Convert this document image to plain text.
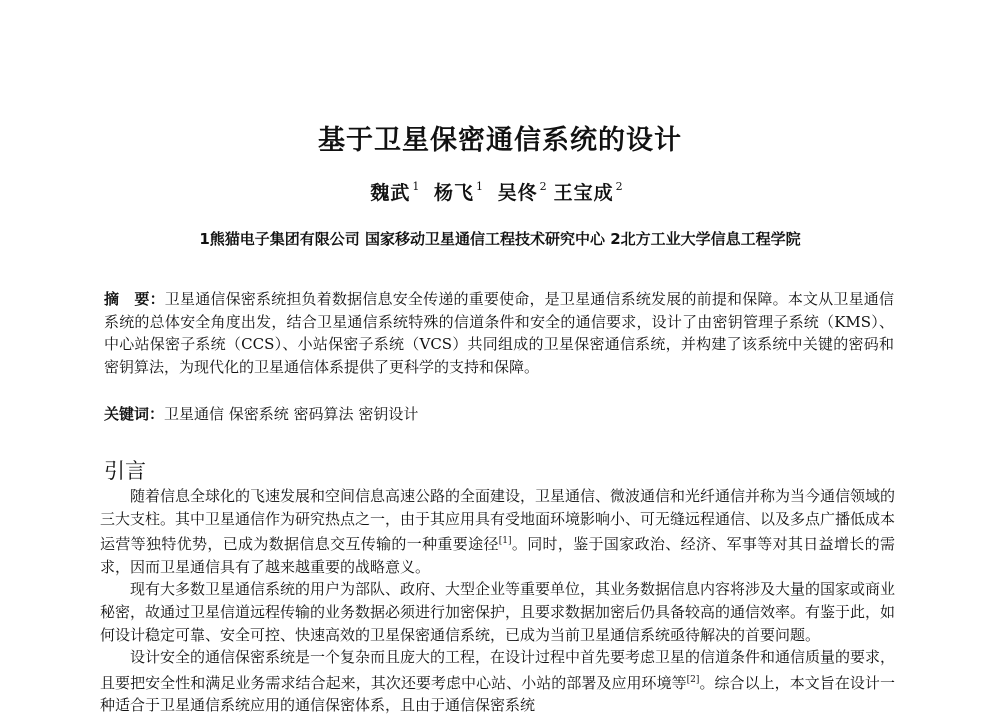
基于卫星保密通信系统的设计
魏武 $^1$ 杨飞 $^1$ 吴佟 $^2$ 王宝成 $^2$
1熊猫电子集团有限公司 国家移动卫星通信工程技术研究中心 2北方工业大学信息工程学院
摘　要：卫星通信保密系统担负着数据信息安全传递的重要使命，是卫星通信系统发展的前提和保障。本文从卫星通信系统的总体安全角度出发，结合卫星通信系统特殊的信道条件和安全的通信要求，设计了由密钥管理子系统（KMS）、中心站保密子系统（CCS）、小站保密子系统（VCS）共同组成的卫星保密通信系统，并构建了该系统中关键的密码和密钥算法，为现代化的卫星通信体系提供了更科学的支持和保障。
关键词：卫星通信 保密系统 密码算法 密钥设计
引言

随着信息全球化的飞速发展和空间信息高速公路的全面建设，卫星通信、微波通信和光纤通信并称为当今通信领域的三大支柱。其中卫星通信作为研究热点之一，由于其应用具有受地面环境影响小、可无缝远程通信、以及多点广播低成本运营等独特优势，已成为数据信息交互传输的一种重要途径[1]。同时，鉴于国家政治、经济、军事等对其日益增长的需求，因而卫星通信具有了越来越重要的战略意义。

现有大多数卫星通信系统的用户为部队、政府、大型企业等重要单位，其业务数据信息内容将涉及大量的国家或商业秘密，故通过卫星信道远程传输的业务数据必须进行加密保护，且要求数据加密后仍具备较高的通信效率。有鉴于此，如何设计稳定可靠、安全可控、快速高效的卫星保密通信系统，已成为当前卫星通信系统亟待解决的首要问题。

设计安全的通信保密系统是一个复杂而且庞大的工程，在设计过程中首先要考虑卫星的信道条件和通信质量的要求，且要把安全性和满足业务需求结合起来，其次还要考虑中心站、小站的部署及应用环境等[2]。综合以上，本文旨在设计一种适合于卫星通信系统应用的通信保密体系，且由于通信保密系统
